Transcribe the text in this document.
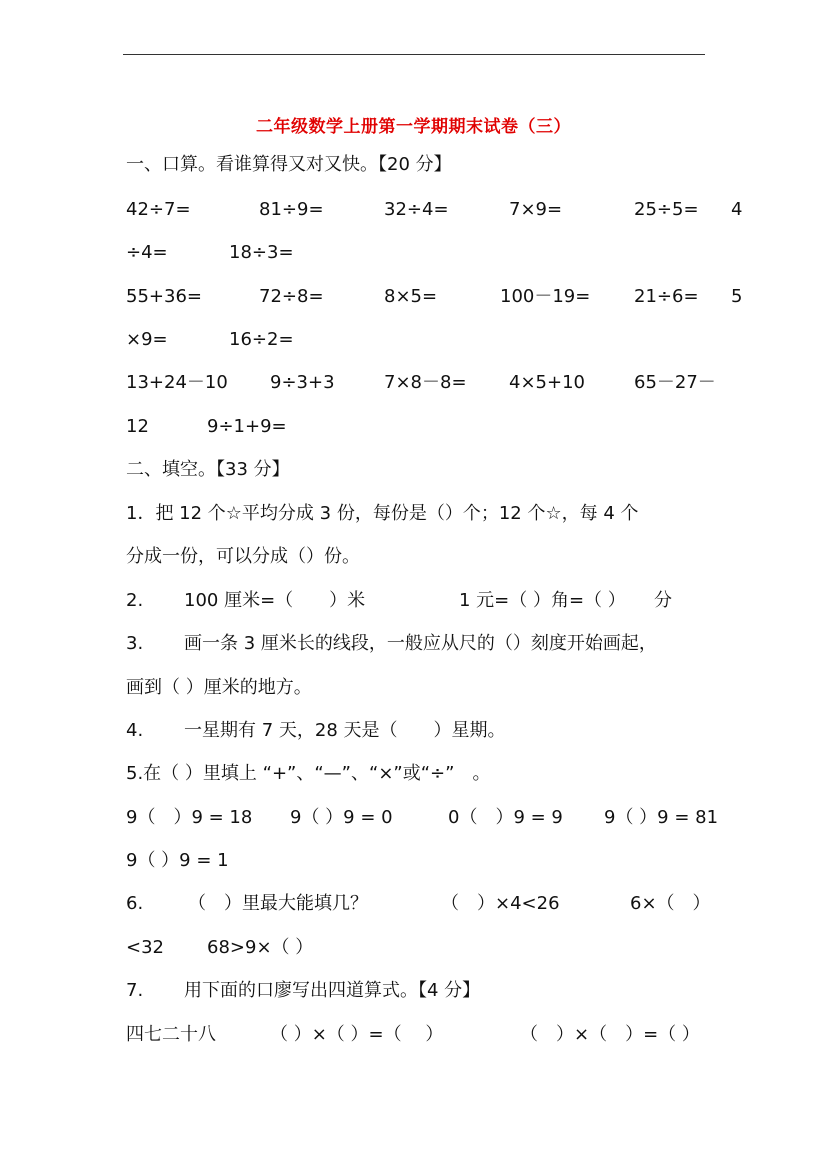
二年级数学上册第一学期期末试卷（三）
一、口算。看谁算得又对又快。【20 分】
42÷7=	81÷9=	32÷4=	7×9=	25÷5= 4
÷4=	18÷3=
55+36=	72÷8=	8×5=	100－19= 21÷6= 5
×9=	16÷2=
13+24－10 9÷3+3	7×8－8= 4×5+10	65－27－
12	9÷1+9=
二、填空。【33 分】
1．把 12 个☆平均分成 3 份，每份是（）个；12 个☆，每 4 个
分成一份，可以分成（）份。
2. 100 厘米=（　　）米	1 元=（ ）角=（ ） 分
3. 画一条 3 厘米长的线段，一般应从尺的（）刻度开始画起，
画到（ ）厘米的地方。
4. 一星期有 7 天，28 天是（　　）星期。
5.在（ ）里填上 “+”、“—”、“×”或“÷”　。
9（　）9 = 18 9（ ）9 = 0	0（　）9 = 9 9（ ）9 = 81
9（ ）9 = 1
6. （　）里最大能填几？	（　）×4<26	6×（　）
<32 68>9×（ ）
7. 用下面的口廖写出四道算式。【4 分】
四七二十八	（ ）×（ ）=（　 ）	（　）×（　）=（ ）
